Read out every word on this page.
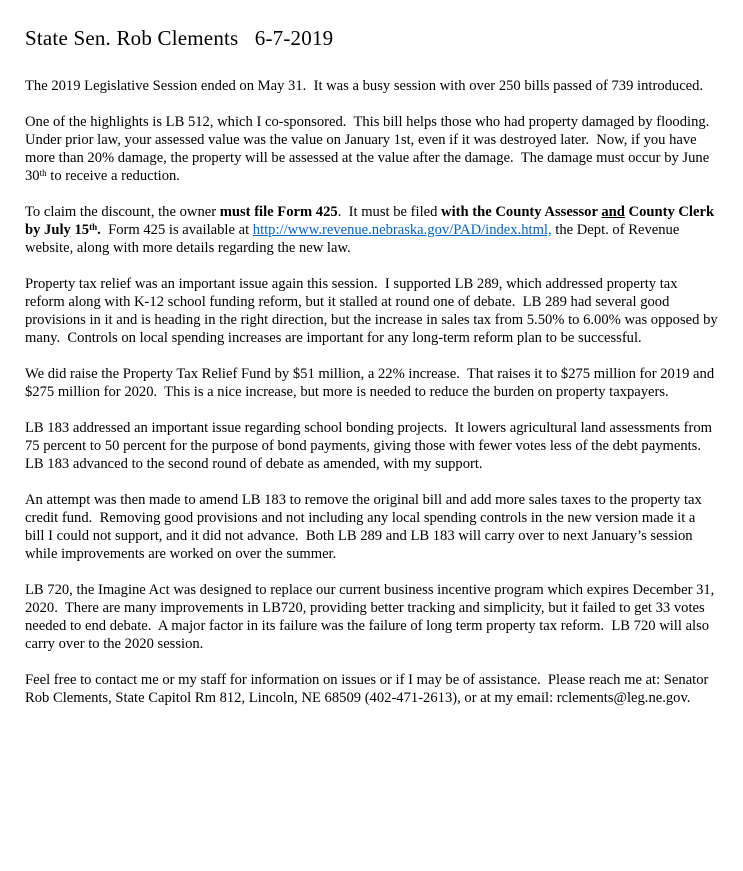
State Sen. Rob Clements   6-7-2019

The 2019 Legislative Session ended on May 31.  It was a busy session with over 250 bills passed of 739 introduced.

One of the highlights is LB 512, which I co-sponsored.  This bill helps those who had property damaged by flooding.  Under prior law, your assessed value was the value on January 1st, even if it was destroyed later.  Now, if you have more than 20% damage, the property will be assessed at the value after the damage.  The damage must occur by June 30th to receive a reduction.

To claim the discount, the owner must file Form 425.  It must be filed with the County Assessor and County Clerk by July 15th.  Form 425 is available at http://www.revenue.nebraska.gov/PAD/index.html, the Dept. of Revenue website, along with more details regarding the new law.

Property tax relief was an important issue again this session.  I supported LB 289, which addressed property tax reform along with K-12 school funding reform, but it stalled at round one of debate.  LB 289 had several good provisions in it and is heading in the right direction, but the increase in sales tax from 5.50% to 6.00% was opposed by many.  Controls on local spending increases are important for any long-term reform plan to be successful.

We did raise the Property Tax Relief Fund by $51 million, a 22% increase.  That raises it to $275 million for 2019 and $275 million for 2020.  This is a nice increase, but more is needed to reduce the burden on property taxpayers.

LB 183 addressed an important issue regarding school bonding projects.  It lowers agricultural land assessments from 75 percent to 50 percent for the purpose of bond payments, giving those with fewer votes less of the debt payments.  LB 183 advanced to the second round of debate as amended, with my support.

An attempt was then made to amend LB 183 to remove the original bill and add more sales taxes to the property tax credit fund.  Removing good provisions and not including any local spending controls in the new version made it a bill I could not support, and it did not advance.  Both LB 289 and LB 183 will carry over to next January’s session while improvements are worked on over the summer.

LB 720, the Imagine Act was designed to replace our current business incentive program which expires December 31, 2020.  There are many improvements in LB720, providing better tracking and simplicity, but it failed to get 33 votes needed to end debate.  A major factor in its failure was the failure of long term property tax reform.  LB 720 will also carry over to the 2020 session.

Feel free to contact me or my staff for information on issues or if I may be of assistance.  Please reach me at: Senator Rob Clements, State Capitol Rm 812, Lincoln, NE 68509 (402-471-2613), or at my email: rclements@leg.ne.gov.
